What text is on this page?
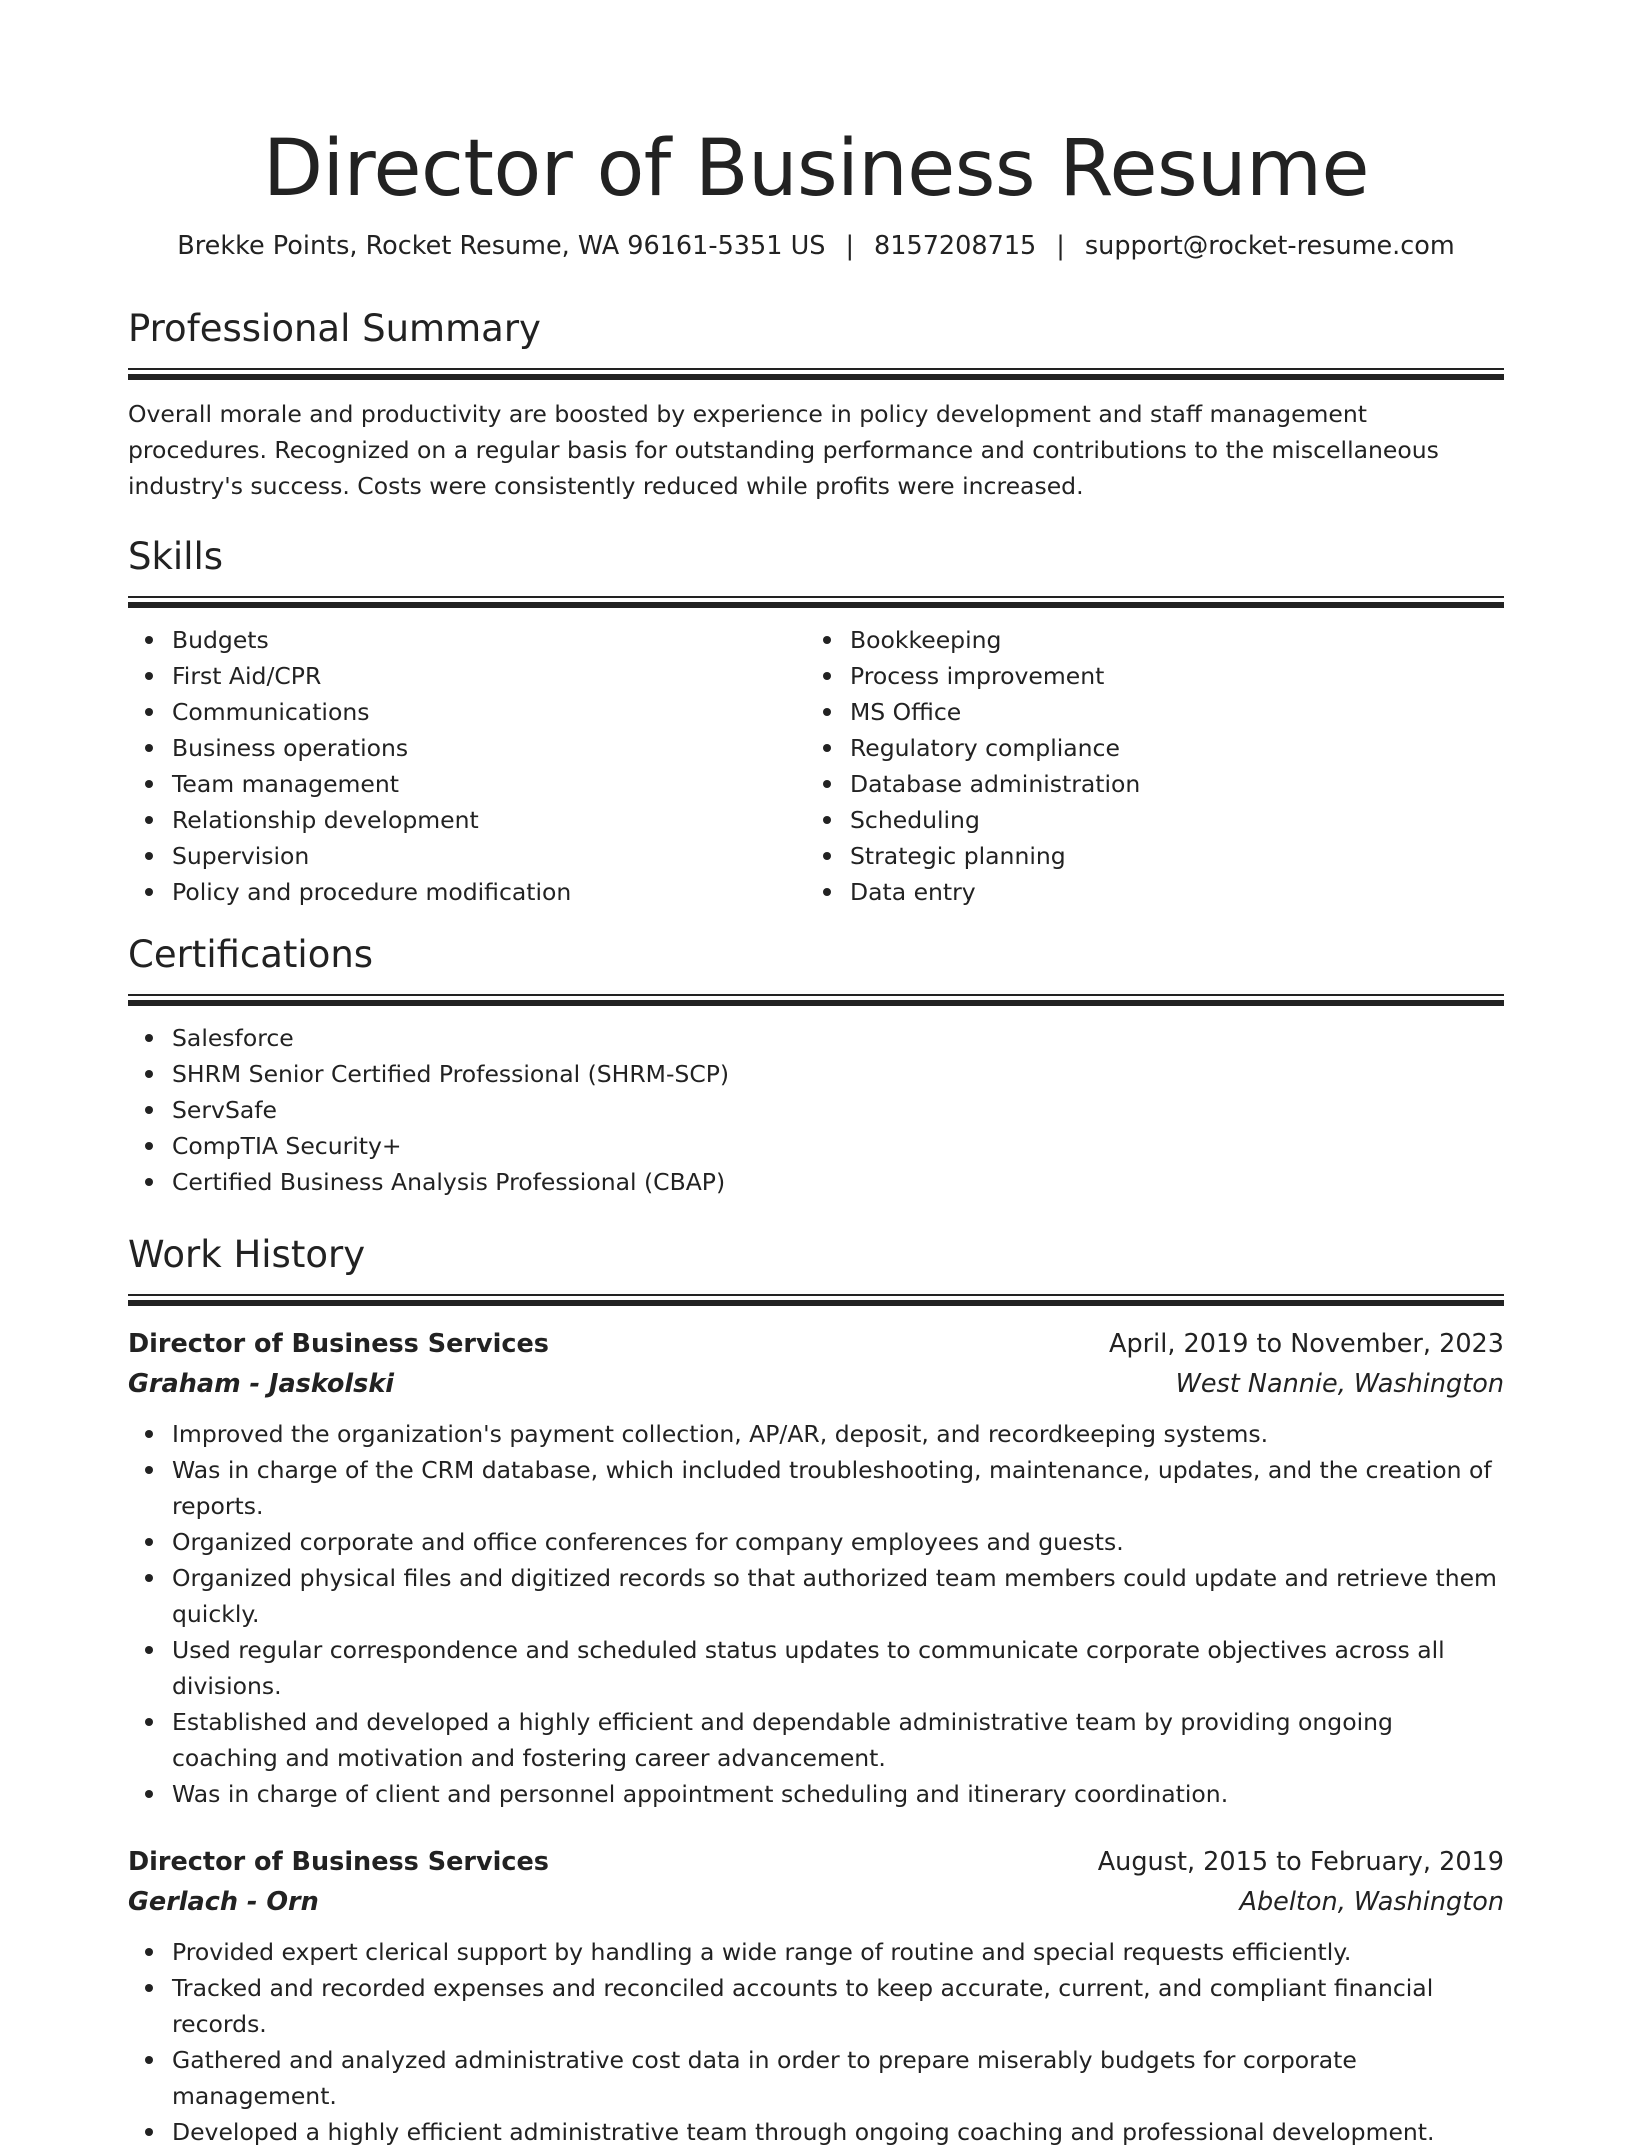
Director of Business Resume
Brekke Points, Rocket Resume, WA 96161-5351 US | 8157208715 | support@rocket-resume.com
Professional Summary

Overall morale and productivity are boosted by experience in policy development and staff management procedures. Recognized on a regular basis for outstanding performance and contributions to the miscellaneous industry's success. Costs were consistently reduced while profits were increased.

Skills
Budgets
First Aid/CPR
Communications
Business operations
Team management
Relationship development
Supervision
Policy and procedure modification
Bookkeeping
Process improvement
MS Office
Regulatory compliance
Database administration
Scheduling
Strategic planning
Data entry
Certifications
Salesforce
SHRM Senior Certified Professional (SHRM-SCP)
ServSafe
CompTIA Security+
Certified Business Analysis Professional (CBAP)
Work History
Director of Business Services	April, 2019 to November, 2023
Graham - Jaskolski	West Nannie, Washington
Improved the organization's payment collection, AP/AR, deposit, and recordkeeping systems.
Was in charge of the CRM database, which included troubleshooting, maintenance, updates, and the creation of reports.
Organized corporate and office conferences for company employees and guests.
Organized physical files and digitized records so that authorized team members could update and retrieve them quickly.
Used regular correspondence and scheduled status updates to communicate corporate objectives across all divisions.
Established and developed a highly efficient and dependable administrative team by providing ongoing coaching and motivation and fostering career advancement.
Was in charge of client and personnel appointment scheduling and itinerary coordination.
Director of Business Services	August, 2015 to February, 2019
Gerlach - Orn	Abelton, Washington
Provided expert clerical support by handling a wide range of routine and special requests efficiently.
Tracked and recorded expenses and reconciled accounts to keep accurate, current, and compliant financial records.
Gathered and analyzed administrative cost data in order to prepare miserably budgets for corporate management.
Developed a highly efficient administrative team through ongoing coaching and professional development.
